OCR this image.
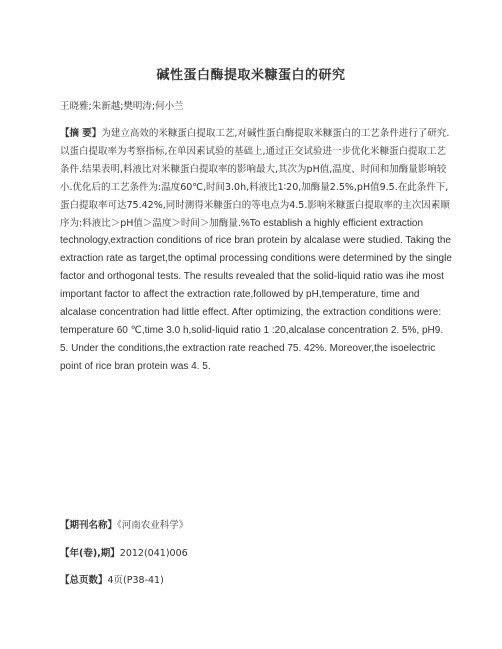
碱性蛋白酶提取米糠蛋白的研究
王晓雅;朱新越;樊明涛;何小兰
【摘 要】为建立高效的米糠蛋白提取工艺,对碱性蛋白酶提取米糠蛋白的工艺条件进行了研究.以蛋白提取率为考察指标,在单因素试验的基础上,通过正交试验进一步优化米糠蛋白提取工艺条件.结果表明,料液比对米糠蛋白提取率的影响最大,其次为pH值,温度、时间和加酶量影响较小.优化后的工艺条件为:温度60℃,时间3.0h,料液比1∶20,加酶量2.5%,pH值9.5.在此条件下,蛋白提取率可达75.42%,同时测得米糠蛋白的等电点为4.5.影响米糠蛋白提取率的主次因素顺序为:料液比＞pH值＞温度＞时间＞加酶量.%To establish a highly efficient extraction technology,extraction conditions of rice bran protein by alcalase were studied. Taking the extraction rate as target,the optimal processing conditions were determined by the single factor and orthogonal tests. The results revealed that the solid-liquid ratio was ihe most important factor to affect the extraction rate,followed by pH,temperature, time and alcalase concentration had little effect. After optimizing, the extraction conditions were: temperature 60 ℃,time 3.0 h,solid-liquid ratio 1 :20,alcalase concentration 2. 5%, pH9. 5. Under the conditions,the extraction rate reached 75. 42%. Moreover,the isoelectric point of rice bran protein was 4. 5.
【期刊名称】《河南农业科学》
【年(卷),期】2012(041)006
【总页数】4页(P38-41)
